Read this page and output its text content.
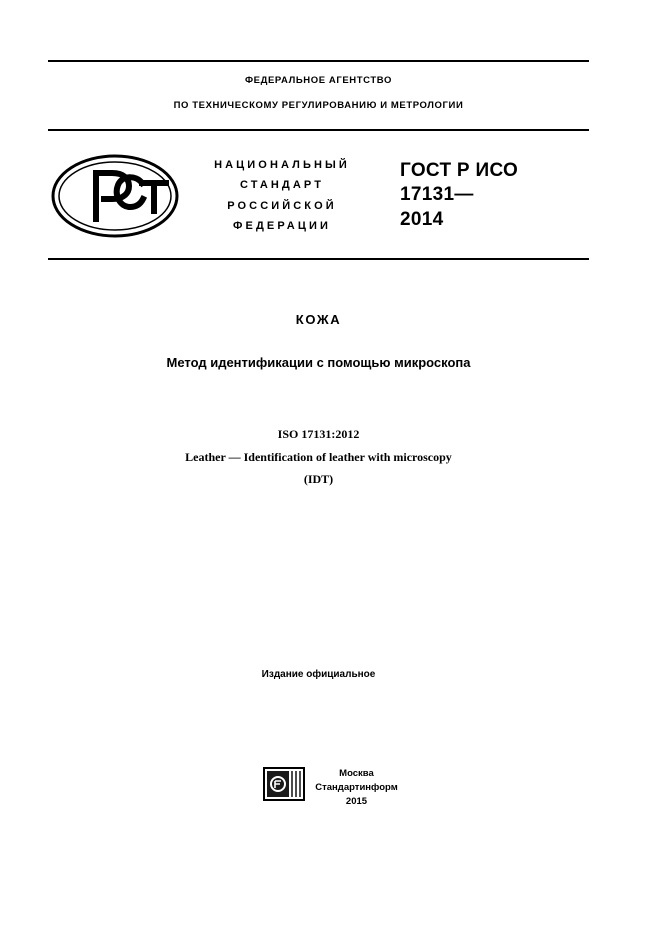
ФЕДЕРАЛЬНОЕ АГЕНТСТВО
ПО ТЕХНИЧЕСКОМУ РЕГУЛИРОВАНИЮ И МЕТРОЛОГИИ
НАЦИОНАЛЬНЫЙ
СТАНДАРТ
РОССИЙСКОЙ
ФЕДЕРАЦИИ
ГОСТ Р ИСО
17131—
2014
КОЖА
Метод идентификации с помощью микроскопа
ISO 17131:2012
Leather — Identification of leather with microscopy
(IDT)
Издание официальное
Москва
Стандартинформ
2015
